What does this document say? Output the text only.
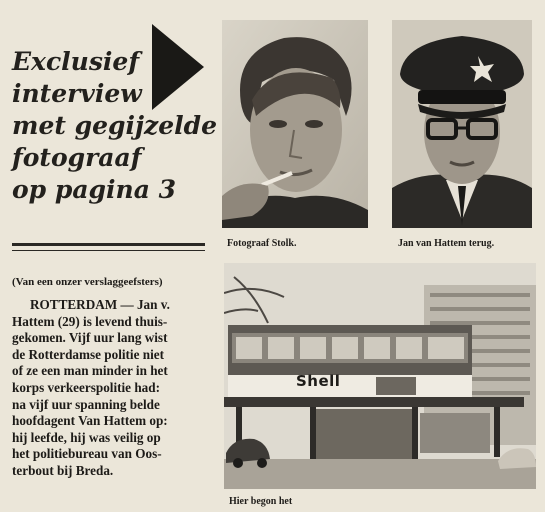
Exclusief
interview
met gegijzelde
fotograaf
op pagina 3
(Van een onzer verslaggeefsters)
ROTTERDAM — Jan v.
Hattem (29) is levend thuis-
gekomen. Vijf uur lang wist
de Rotterdamse politie niet
of ze een man minder in het
korps verkeerspolitie had:
na vijf uur spanning belde
hoofdagent Van Hattem op:
hij leefde, hij was veilig op
het politiebureau van Oos-
terbout bij Breda.
Fotograaf Stolk.	Jan van Hattem terug.
Shell
Hier begon het
